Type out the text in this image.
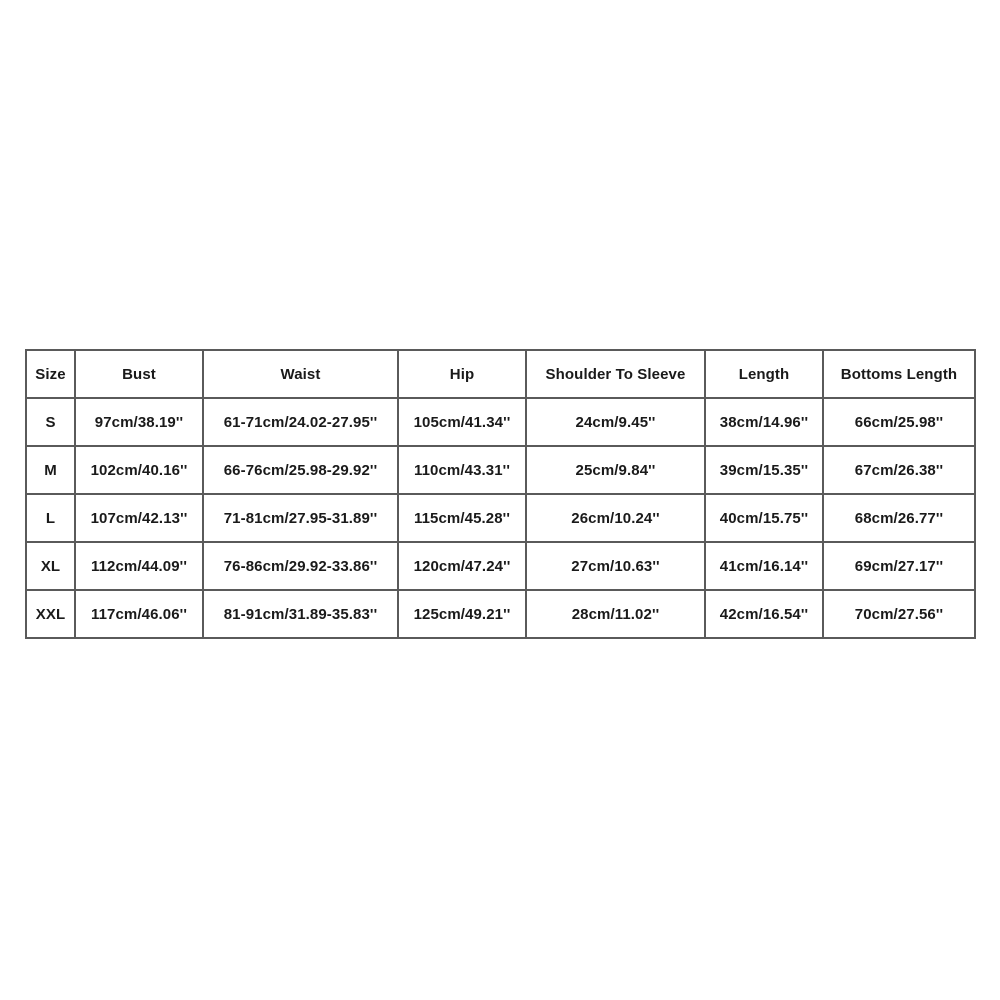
Size	Bust	Waist	Hip	Shoulder To Sleeve	Length	Bottoms Length
S	97cm/38.19''	61-71cm/24.02-27.95''	105cm/41.34''	24cm/9.45''	38cm/14.96''	66cm/25.98''
M	102cm/40.16''	66-76cm/25.98-29.92''	110cm/43.31''	25cm/9.84''	39cm/15.35''	67cm/26.38''
L	107cm/42.13''	71-81cm/27.95-31.89''	115cm/45.28''	26cm/10.24''	40cm/15.75''	68cm/26.77''
XL	112cm/44.09''	76-86cm/29.92-33.86''	120cm/47.24''	27cm/10.63''	41cm/16.14''	69cm/27.17''
XXL	117cm/46.06''	81-91cm/31.89-35.83''	125cm/49.21''	28cm/11.02''	42cm/16.54''	70cm/27.56''
